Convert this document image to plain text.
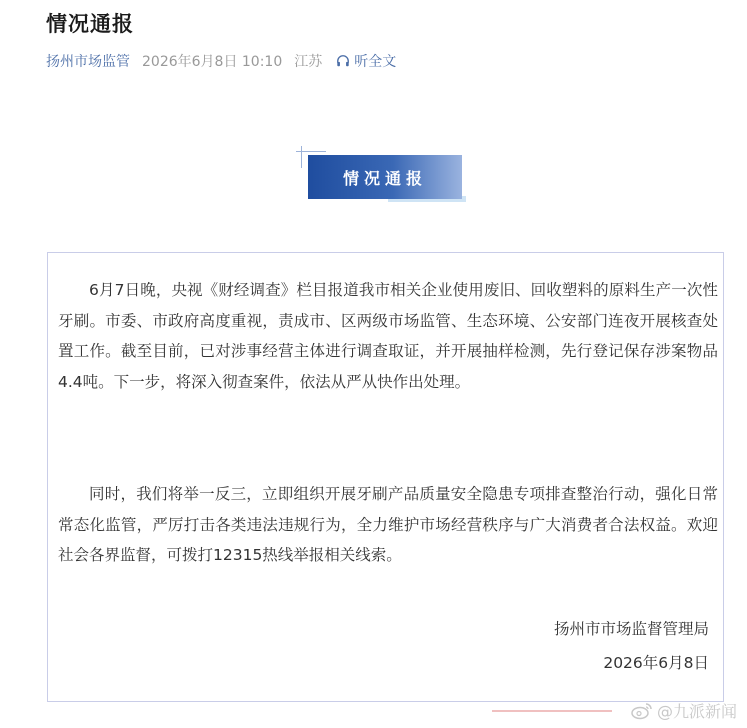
情况通报
扬州市场监管 2026年6月8日 10:10 江苏 听全文
情况通报

6月7日晚，央视《财经调查》栏目报道我市相关企业使用废旧、回收塑料的原料生产一次性牙刷。市委、市政府高度重视，责成市、区两级市场监管、生态环境、公安部门连夜开展核查处置工作。截至目前，已对涉事经营主体进行调查取证，并开展抽样检测，先行登记保存涉案物品4.4吨。下一步，将深入彻查案件，依法从严从快作出处理。

同时，我们将举一反三，立即组织开展牙刷产品质量安全隐患专项排查整治行动，强化日常常态化监管，严厉打击各类违法违规行为，全力维护市场经营秩序与广大消费者合法权益。欢迎社会各界监督，可拨打12315热线举报相关线索。

扬州市市场监督管理局
2026年6月8日
@九派新闻
